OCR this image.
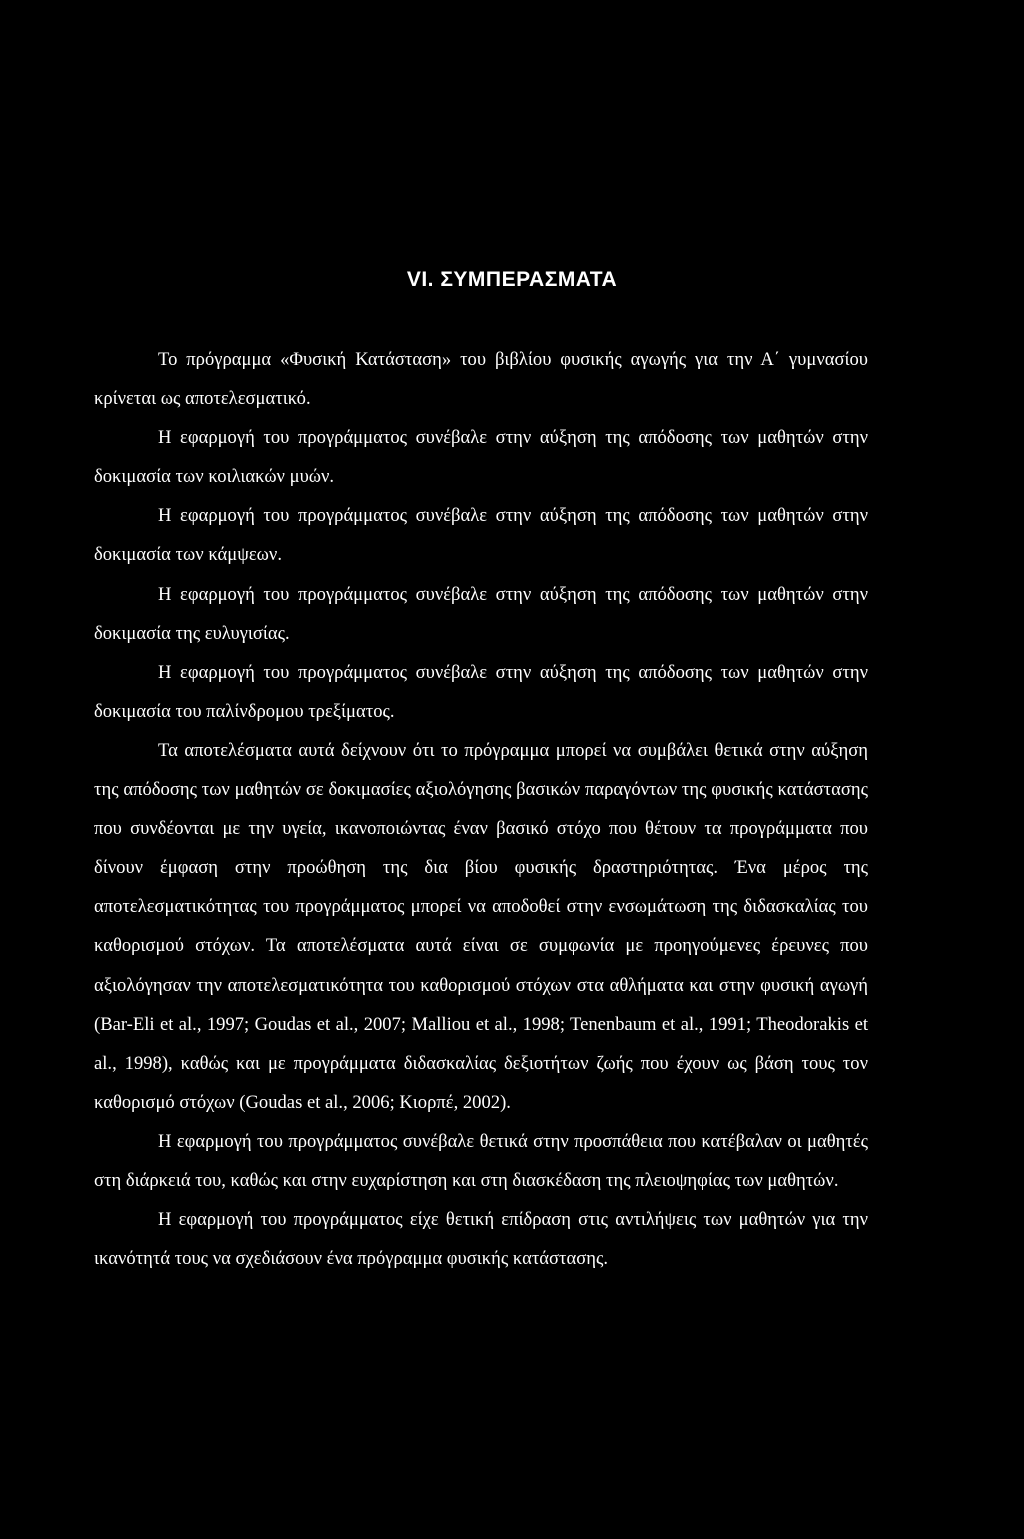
VI. ΣΥΜΠΕΡΑΣΜΑΤΑ

Το πρόγραμμα «Φυσική Κατάσταση» του βιβλίου φυσικής αγωγής για την Α΄ γυμνασίου κρίνεται ως αποτελεσματικό.

Η εφαρμογή του προγράμματος συνέβαλε στην αύξηση της απόδοσης των μαθητών στην δοκιμασία των κοιλιακών μυών.

Η εφαρμογή του προγράμματος συνέβαλε στην αύξηση της απόδοσης των μαθητών στην δοκιμασία των κάμψεων.

Η εφαρμογή του προγράμματος συνέβαλε στην αύξηση της απόδοσης των μαθητών στην δοκιμασία της ευλυγισίας.

Η εφαρμογή του προγράμματος συνέβαλε στην αύξηση της απόδοσης των μαθητών στην δοκιμασία του παλίνδρομου τρεξίματος.

Τα αποτελέσματα αυτά δείχνουν ότι το πρόγραμμα μπορεί να συμβάλει θετικά στην αύξηση της απόδοσης των μαθητών σε δοκιμασίες αξιολόγησης βασικών παραγόντων της φυσικής κατάστασης που συνδέονται με την υγεία, ικανοποιώντας έναν βασικό στόχο που θέτουν τα προγράμματα που δίνουν έμφαση στην προώθηση της δια βίου φυσικής δραστηριότητας. Ένα μέρος της αποτελεσματικότητας του προγράμματος μπορεί να αποδοθεί στην ενσωμάτωση της διδασκαλίας του καθορισμού στόχων. Τα αποτελέσματα αυτά είναι σε συμφωνία με προηγούμενες έρευνες που αξιολόγησαν την αποτελεσματικότητα του καθορισμού στόχων στα αθλήματα και στην φυσική αγωγή (Bar-Eli et al., 1997; Goudas et al., 2007; Malliou et al., 1998; Tenenbaum et al., 1991; Theodorakis et al., 1998), καθώς και με προγράμματα διδασκαλίας δεξιοτήτων ζωής που έχουν ως βάση τους τον καθορισμό στόχων (Goudas et al., 2006; Κιορπέ, 2002).

Η εφαρμογή του προγράμματος συνέβαλε θετικά στην προσπάθεια που κατέβαλαν οι μαθητές στη διάρκειά του, καθώς και στην ευχαρίστηση και στη διασκέδαση της πλειοψηφίας των μαθητών.

Η εφαρμογή του προγράμματος είχε θετική επίδραση στις αντιλήψεις των μαθητών για την ικανότητά τους να σχεδιάσουν ένα πρόγραμμα φυσικής κατάστασης.
